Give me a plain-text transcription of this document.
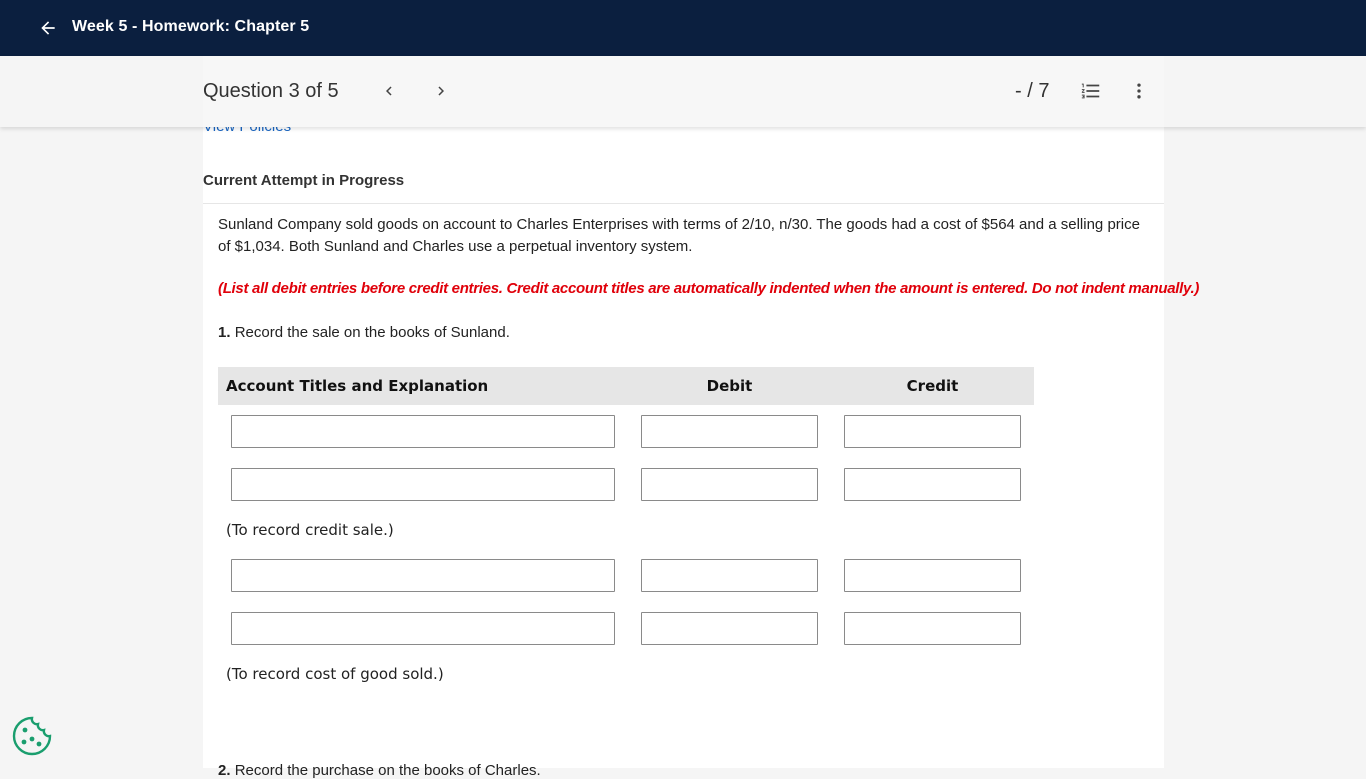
Week 5 - Homework: Chapter 5
Question 3 of 5	- / 7
Current Attempt in Progress
Sunland Company sold goods on account to Charles Enterprises with terms of 2/10, n/30. The goods had a cost of $564 and a selling price of $1,034. Both Sunland and Charles use a perpetual inventory system.
(List all debit entries before credit entries. Credit account titles are automatically indented when the amount is entered. Do not indent manually.)
1. Record the sale on the books of Sunland.
Account Titles and Explanation	Debit	Credit
(To record credit sale.)
(To record cost of good sold.)
2. Record the purchase on the books of Charles.
